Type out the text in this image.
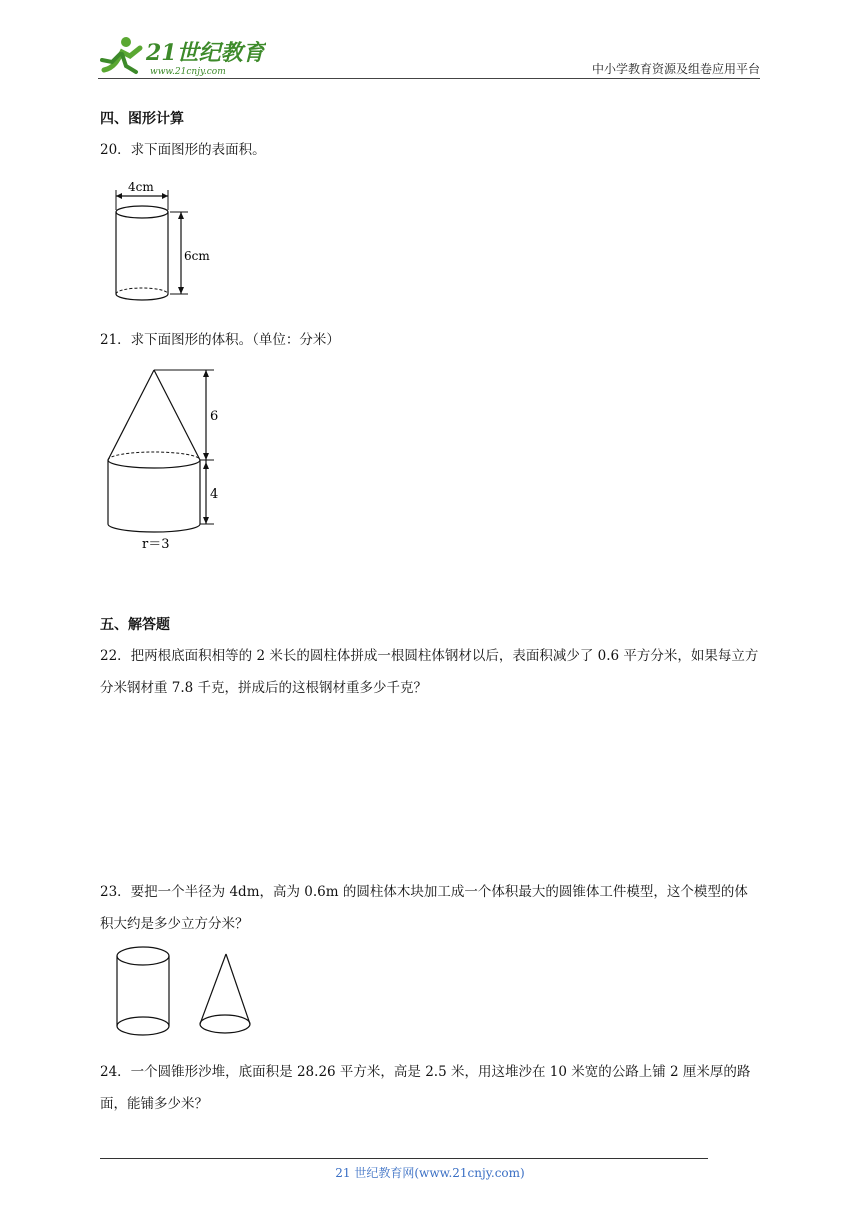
21世纪教育
www.21cnjy.com	中小学教育资源及组卷应用平台
四、图形计算
20．求下面图形的表面积。
4cm
6cm
21．求下面图形的体积。（单位：分米）
6
4
r＝3
五、解答题
22．把两根底面积相等的 2 米长的圆柱体拼成一根圆柱体钢材以后，表面积减少了 0.6 平方分米，如果每立方分米钢材重 7.8 千克，拼成后的这根钢材重多少千克？
23．要把一个半径为 4dm，高为 0.6m 的圆柱体木块加工成一个体积最大的圆锥体工件模型，这个模型的体积大约是多少立方分米？
24．一个圆锥形沙堆，底面积是 28.26 平方米，高是 2.5 米，用这堆沙在 10 米宽的公路上铺 2 厘米厚的路面，能铺多少米？
21 世纪教育网(www.21cnjy.com)
